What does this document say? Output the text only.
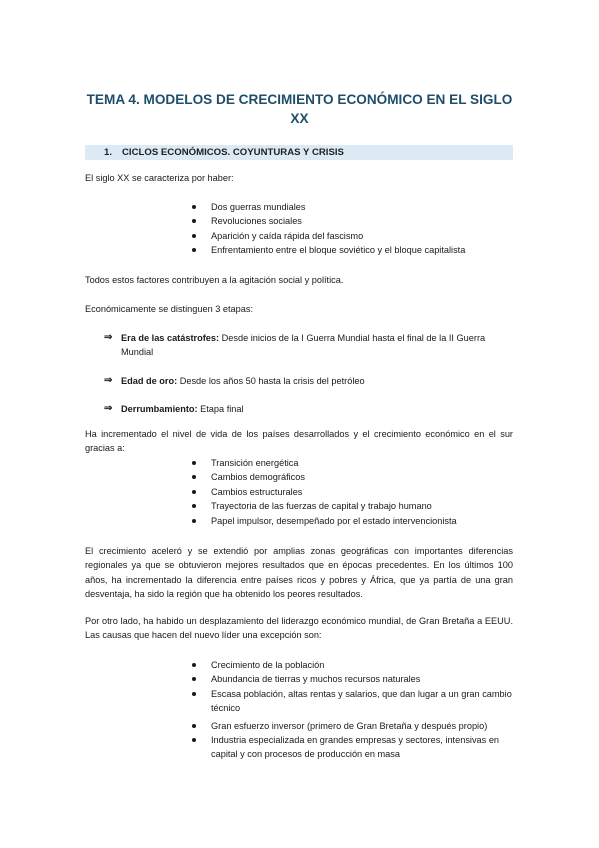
TEMA 4. MODELOS DE CRECIMIENTO ECONÓMICO EN EL SIGLO XX
1. CICLOS ECONÓMICOS. COYUNTURAS Y CRISIS

El siglo XX se caracteriza por haber:

Dos guerras mundiales
Revoluciones sociales
Aparición y caída rápida del fascismo
Enfrentamiento entre el bloque soviético y el bloque capitalista

Todos estos factores contribuyen a la agitación social y política.

Económicamente se distinguen 3 etapas:

⇒ Era de las catástrofes: Desde inicios de la I Guerra Mundial hasta el final de la II Guerra Mundial
⇒ Edad de oro: Desde los años 50 hasta la crisis del petróleo
⇒ Derrumbamiento: Etapa final

Ha incrementado el nivel de vida de los países desarrollados y el crecimiento económico en el sur gracias a:

Transición energética
Cambios demográficos
Cambios estructurales
Trayectoria de las fuerzas de capital y trabajo humano
Papel impulsor, desempeñado por el estado intervencionista

El crecimiento aceleró y se extendió por amplias zonas geográficas con importantes diferencias regionales ya que se obtuvieron mejores resultados que en épocas precedentes. En los últimos 100 años, ha incrementado la diferencia entre países ricos y pobres y África, que ya partía de una gran desventaja, ha sido la región que ha obtenido los peores resultados.

Por otro lado, ha habido un desplazamiento del liderazgo económico mundial, de Gran Bretaña a EEUU. Las causas que hacen del nuevo líder una excepción son:

Crecimiento de la población
Abundancia de tierras y muchos recursos naturales
Escasa población, altas rentas y salarios, que dan lugar a un gran cambio técnico
Gran esfuerzo inversor (primero de Gran Bretaña y después propio)
Industria especializada en grandes empresas y sectores, intensivas en capital y con procesos de producción en masa
